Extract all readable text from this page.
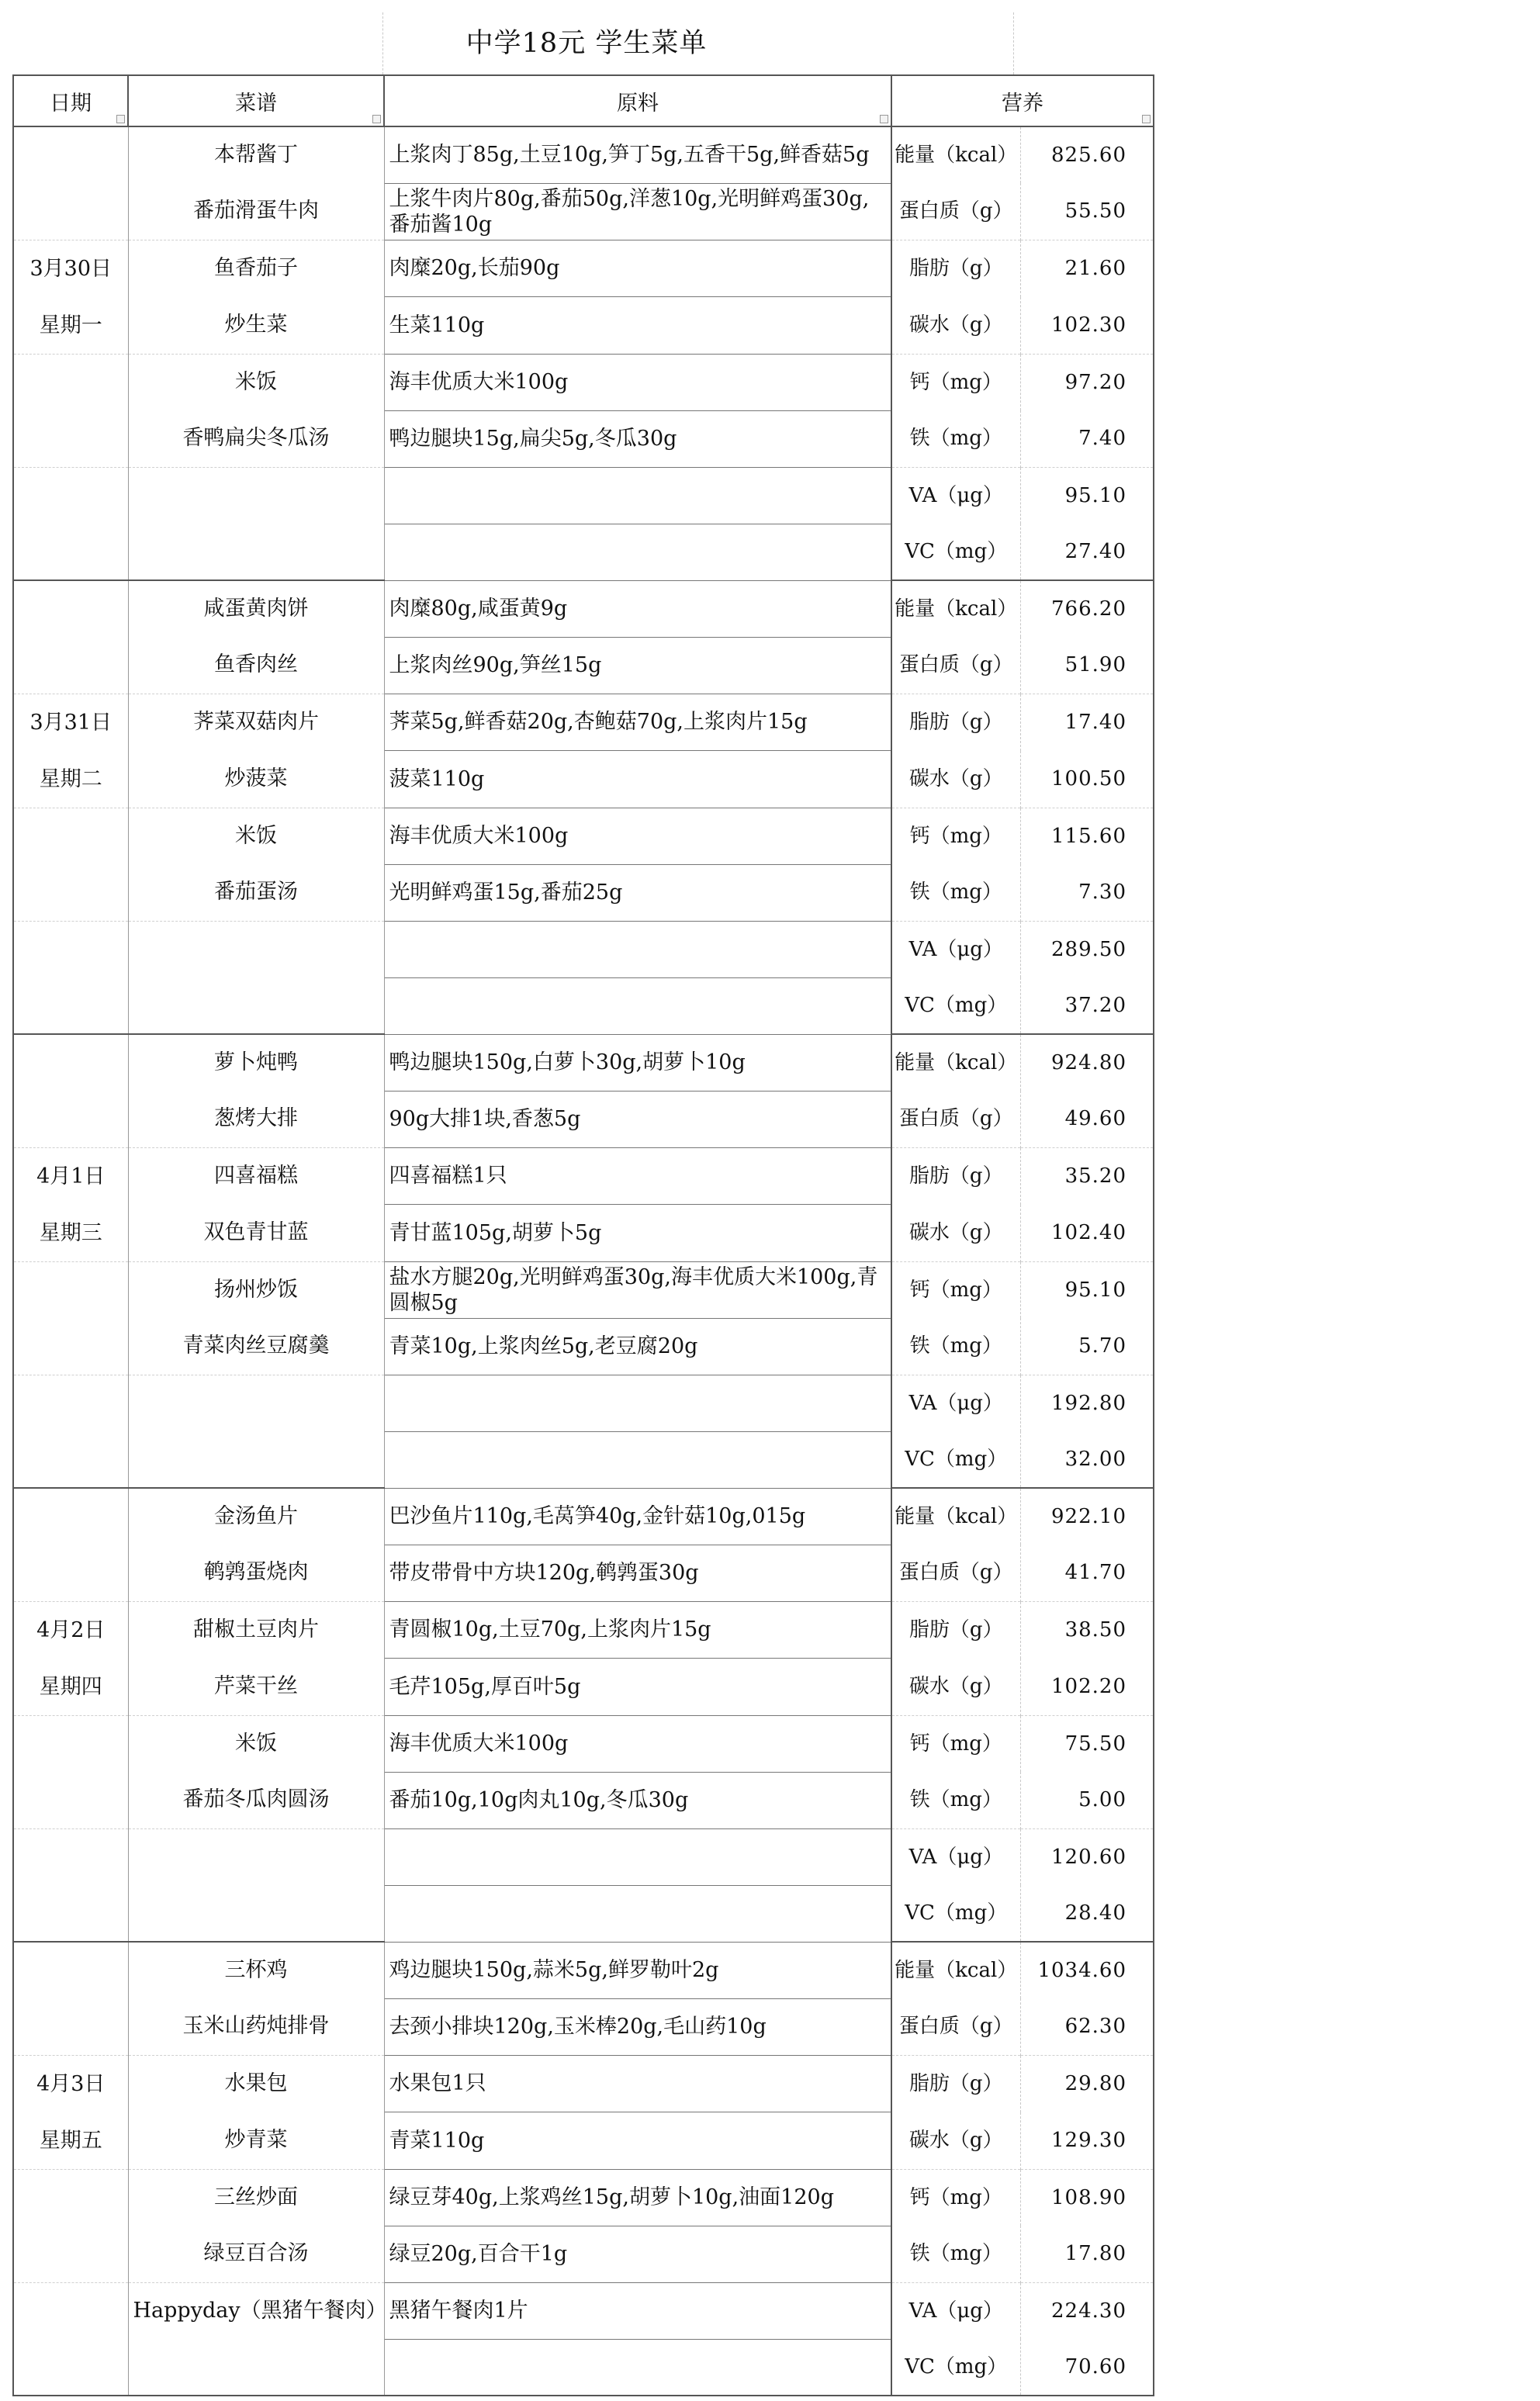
中学18元 学生菜单
日期	菜谱	原料	营养	

	本帮酱丁	上浆肉丁85g,土豆10g,笋丁5g,五香干5g,鲜香菇5g	能量（kcal）	825.60
	番茄滑蛋牛肉	上浆牛肉片80g,番茄50g,洋葱10g,光明鲜鸡蛋30g,番茄酱10g	蛋白质（g）	55.50
3月30日	鱼香茄子	肉糜20g,长茄90g	脂肪（g）	21.60
星期一	炒生菜	生菜110g	碳水（g）	102.30
	米饭	海丰优质大米100g	钙（mg）	97.20
	香鸭扁尖冬瓜汤	鸭边腿块15g,扁尖5g,冬瓜30g	铁（mg）	7.40
			VA（μg）	95.10
			VC（mg）	27.40
	咸蛋黄肉饼	肉糜80g,咸蛋黄9g	能量（kcal）	766.20
	鱼香肉丝	上浆肉丝90g,笋丝15g	蛋白质（g）	51.90
3月31日	荠菜双菇肉片	荠菜5g,鲜香菇20g,杏鲍菇70g,上浆肉片15g	脂肪（g）	17.40
星期二	炒菠菜	菠菜110g	碳水（g）	100.50
	米饭	海丰优质大米100g	钙（mg）	115.60
	番茄蛋汤	光明鲜鸡蛋15g,番茄25g	铁（mg）	7.30
			VA（μg）	289.50
			VC（mg）	37.20
	萝卜炖鸭	鸭边腿块150g,白萝卜30g,胡萝卜10g	能量（kcal）	924.80
	葱烤大排	90g大排1块,香葱5g	蛋白质（g）	49.60
4月1日	四喜福糕	四喜福糕1只	脂肪（g）	35.20
星期三	双色青甘蓝	青甘蓝105g,胡萝卜5g	碳水（g）	102.40
	扬州炒饭	盐水方腿20g,光明鲜鸡蛋30g,海丰优质大米100g,青圆椒5g	钙（mg）	95.10
	青菜肉丝豆腐羹	青菜10g,上浆肉丝5g,老豆腐20g	铁（mg）	5.70
			VA（μg）	192.80
			VC（mg）	32.00
	金汤鱼片	巴沙鱼片110g,毛莴笋40g,金针菇10g,015g	能量（kcal）	922.10
	鹌鹑蛋烧肉	带皮带骨中方块120g,鹌鹑蛋30g	蛋白质（g）	41.70
4月2日	甜椒土豆肉片	青圆椒10g,土豆70g,上浆肉片15g	脂肪（g）	38.50
星期四	芹菜干丝	毛芹105g,厚百叶5g	碳水（g）	102.20
	米饭	海丰优质大米100g	钙（mg）	75.50
	番茄冬瓜肉圆汤	番茄10g,10g肉丸10g,冬瓜30g	铁（mg）	5.00
			VA（μg）	120.60
			VC（mg）	28.40
	三杯鸡	鸡边腿块150g,蒜米5g,鲜罗勒叶2g	能量（kcal）	1034.60
	玉米山药炖排骨	去颈小排块120g,玉米棒20g,毛山药10g	蛋白质（g）	62.30
4月3日	水果包	水果包1只	脂肪（g）	29.80
星期五	炒青菜	青菜110g	碳水（g）	129.30
	三丝炒面	绿豆芽40g,上浆鸡丝15g,胡萝卜10g,油面120g	钙（mg）	108.90
	绿豆百合汤	绿豆20g,百合干1g	铁（mg）	17.80
	Happyday（黑猪午餐肉）	黑猪午餐肉1片	VA（μg）	224.30
			VC（mg）	70.60
